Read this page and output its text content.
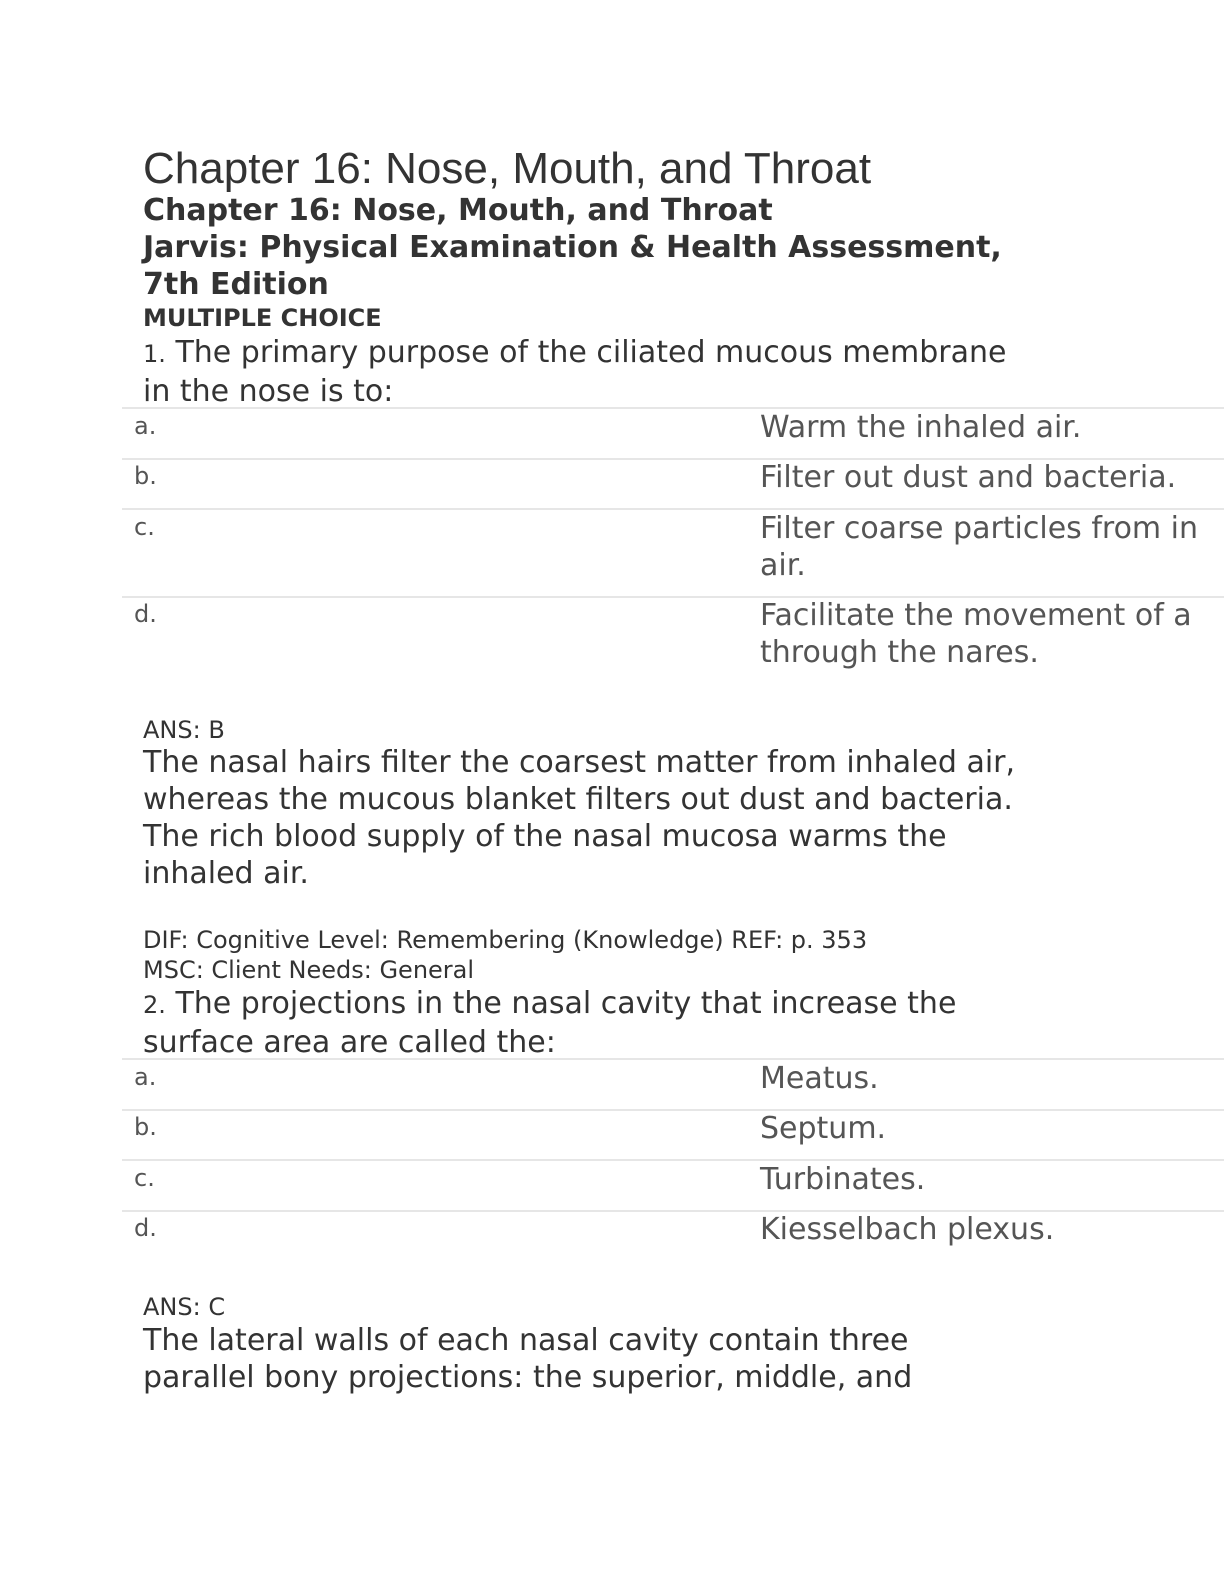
Chapter 16: Nose, Mouth, and Throat
Chapter 16: Nose, Mouth, and Throat
Jarvis: Physical Examination & Health Assessment,
7th Edition
MULTIPLE CHOICE
1. The primary purpose of the ciliated mucous membrane
in the nose is to:
a.	Warm the inhaled air.
b.	Filter out dust and bacteria.
c.	Filter coarse particles from in
air.
d.	Facilitate the movement of a
through the nares.
ANS: B
The nasal hairs filter the coarsest matter from inhaled air,
whereas the mucous blanket filters out dust and bacteria.
The rich blood supply of the nasal mucosa warms the
inhaled air.
DIF: Cognitive Level: Remembering (Knowledge) REF: p. 353
MSC: Client Needs: General
2. The projections in the nasal cavity that increase the
surface area are called the:
a.	Meatus.
b.	Septum.
c.	Turbinates.
d.	Kiesselbach plexus.
ANS: C
The lateral walls of each nasal cavity contain three
parallel bony projections: the superior, middle, and
